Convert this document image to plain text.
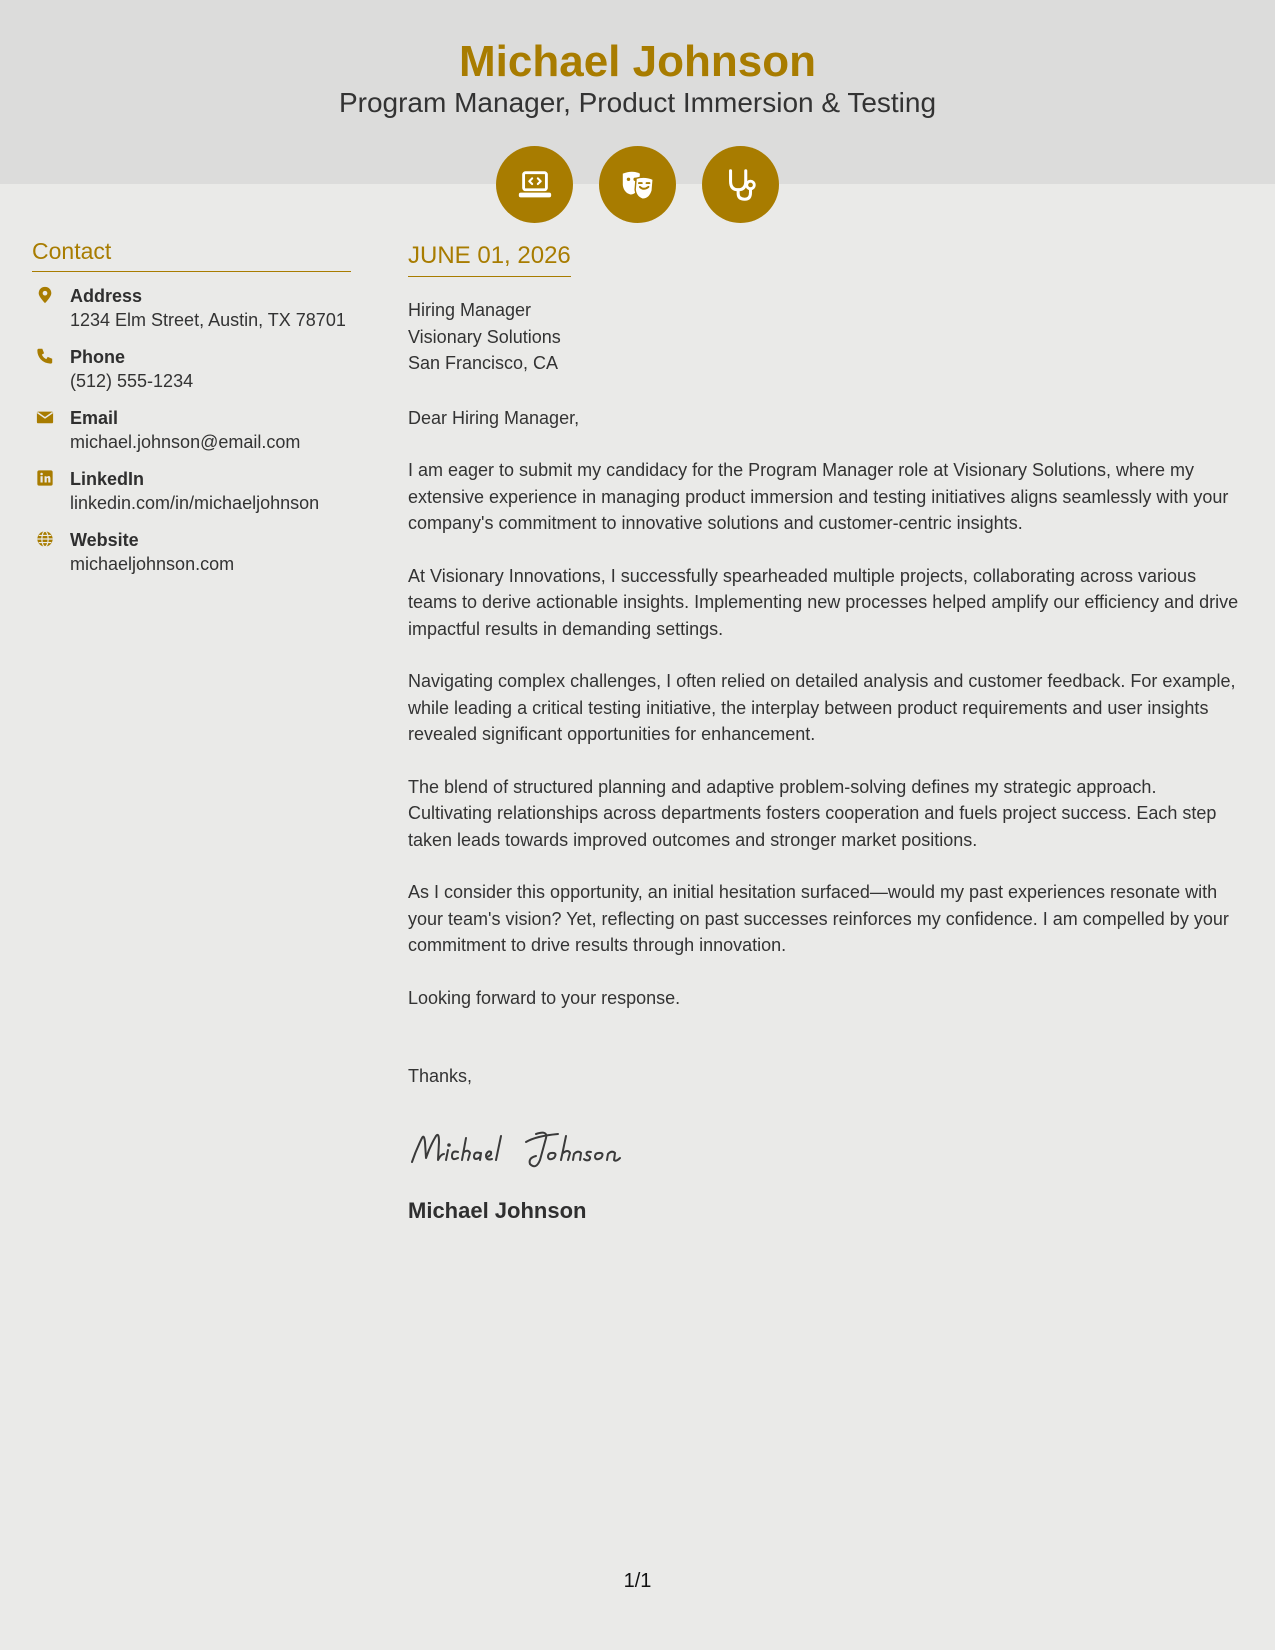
Michael Johnson
Program Manager, Product Immersion & Testing
Contact
Address
1234 Elm Street, Austin, TX 78701
Phone
(512) 555-1234
Email
michael.johnson@email.com
LinkedIn
linkedin.com/in/michaeljohnson
Website
michaeljohnson.com
JUNE 01, 2026
Hiring Manager
Visionary Solutions
San Francisco, CA
Dear Hiring Manager,
I am eager to submit my candidacy for the Program Manager role at Visionary Solutions, where my extensive experience in managing product immersion and testing initiatives aligns seamlessly with your company's commitment to innovative solutions and customer-centric insights.
At Visionary Innovations, I successfully spearheaded multiple projects, collaborating across various teams to derive actionable insights. Implementing new processes helped amplify our efficiency and drive impactful results in demanding settings.
Navigating complex challenges, I often relied on detailed analysis and customer feedback. For example, while leading a critical testing initiative, the interplay between product requirements and user insights revealed significant opportunities for enhancement.
The blend of structured planning and adaptive problem-solving defines my strategic approach. Cultivating relationships across departments fosters cooperation and fuels project success. Each step taken leads towards improved outcomes and stronger market positions.
As I consider this opportunity, an initial hesitation surfaced—would my past experiences resonate with your team's vision? Yet, reflecting on past successes reinforces my confidence. I am compelled by your commitment to drive results through innovation.
Looking forward to your response.
Thanks,
Michael Johnson
1/1
